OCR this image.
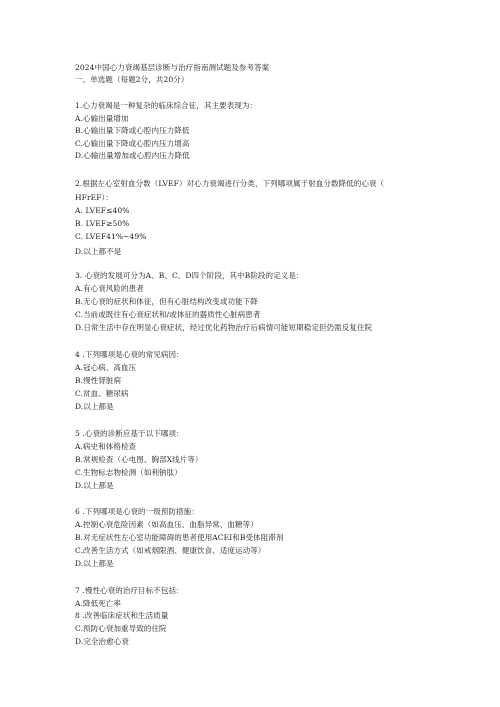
2024中国心力衰竭基层诊断与治疗指南测试题及参考答案
一、单选题（每题2分，共20分）
1.心力衰竭是一种复杂的临床综合征，其主要表现为：
A.心输出量增加
B.心输出量下降或心腔内压力降低
C.心输出量下降或心腔内压力增高
D.心输出量增加或心腔内压力降低
2.根据左心室射血分数（LVEF）对心力衰竭进行分类，下列哪项属于射血分数降低的心衰（
HFrEF）：
A. LVEF≤40%
B. LVEF≥50%
C. LVEF41%~49%
D.以上都不是
3. 心衰的发展可分为A、B、C、D四个阶段，其中B阶段的定义是：
A.有心衰风险的患者
B.无心衰的症状和体征，但有心脏结构改变或功能下降
C.当前或既往有心衰症状和/或体征的器质性心脏病患者
D.日常生活中存在明显心衰症状，经过优化药物治疗后病情可能短期稳定但仍需反复住院
4 .下列哪项是心衰的常见病因：
A.冠心病、高血压
B.慢性肾脏病
C.贫血、糖尿病
D.以上都是
5 .心衰的诊断应基于以下哪项：
A.病史和体格检查
B.常规检查（心电图、胸部X线片等）
C.生物标志物检测（如利钠肽）
D.以上都是
6 .下列哪项是心衰的一级预防措施：
A.控制心衰危险因素（如高血压、血脂异常、血糖等）
B.对无症状性左心室功能障碍的患者使用ACEI和B受体阻滞剂
C.改善生活方式（如戒烟限酒、健康饮食、适度运动等）
D.以上都是
7 .慢性心衰的治疗目标不包括：
A.降低死亡率
8 .改善临床症状和生活质量
C.预防心衰加重导致的住院
D.完全治愈心衰
